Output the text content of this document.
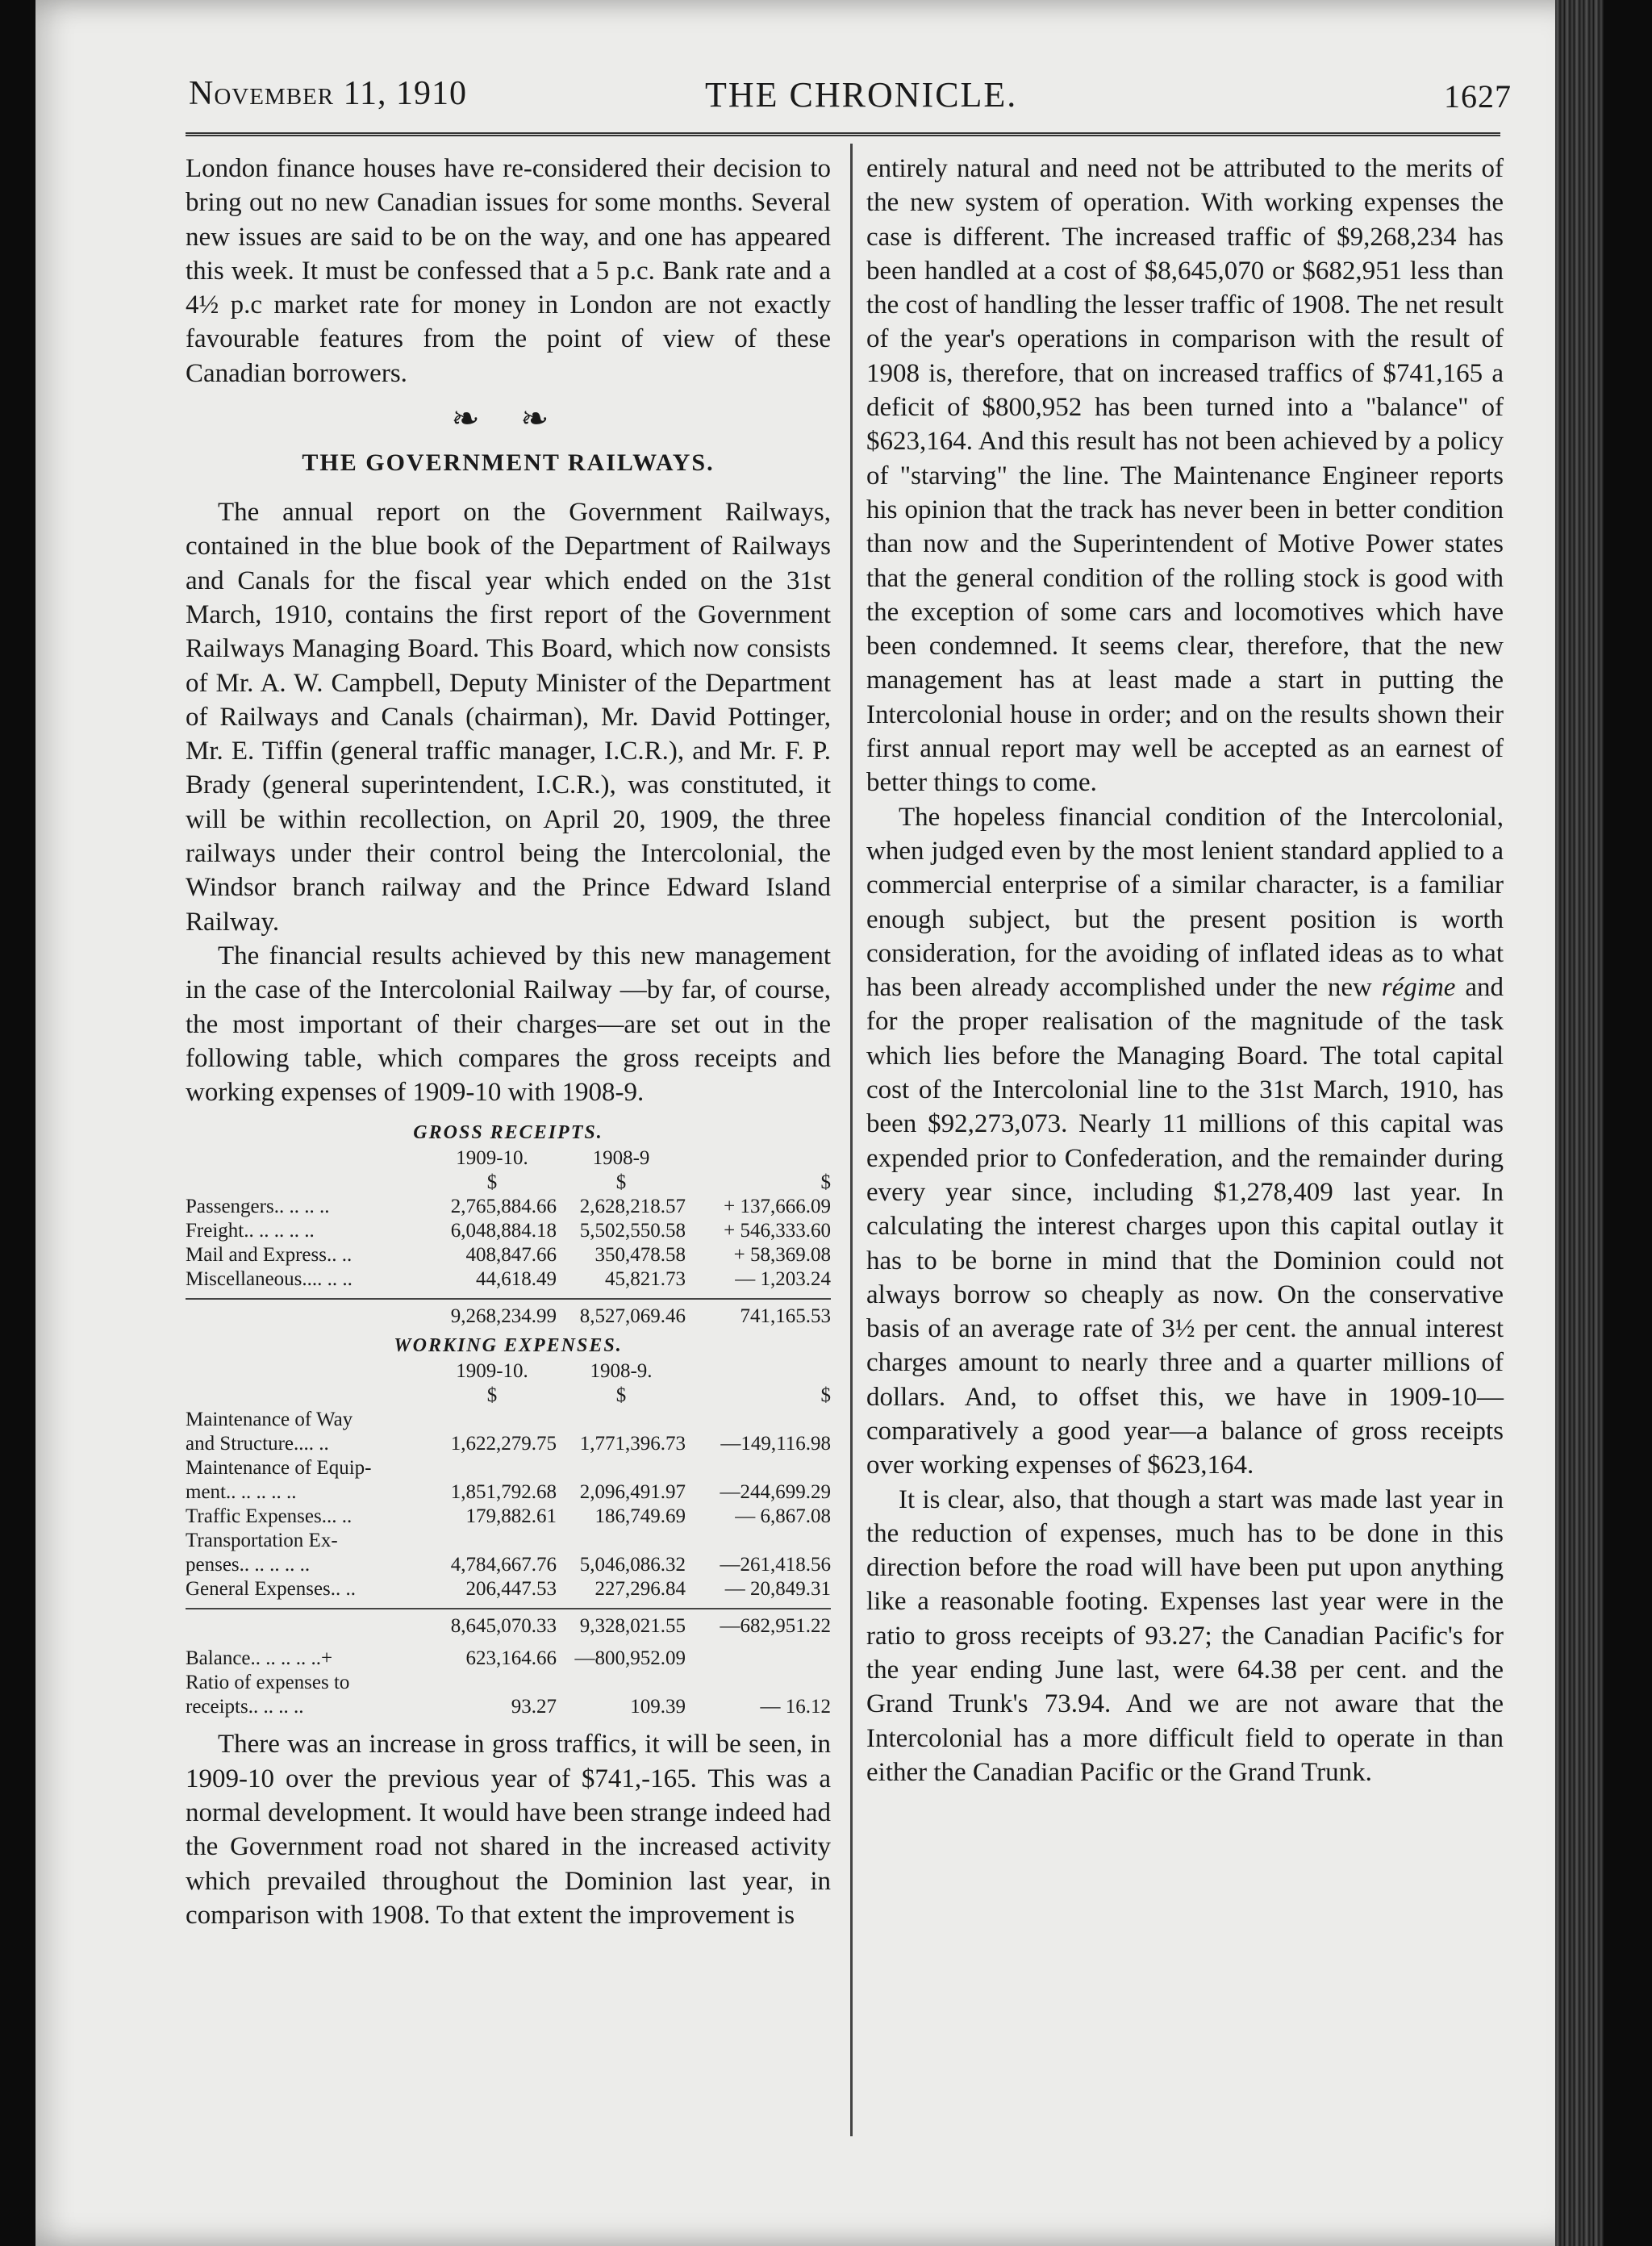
November 11, 1910	THE CHRONICLE.	1627

London finance houses have re-considered their decision to bring out no new Canadian issues for some months. Several new issues are said to be on the way, and one has appeared this week. It must be confessed that a 5 p.c. Bank rate and a 4½ p.c market rate for money in London are not exactly favourable features from the point of view of these Canadian borrowers.

❧ ❧
THE GOVERNMENT RAILWAYS.

The annual report on the Government Railways, contained in the blue book of the Department of Railways and Canals for the fiscal year which ended on the 31st March, 1910, contains the first report of the Government Railways Managing Board. This Board, which now consists of Mr. A. W. Campbell, Deputy Minister of the Department of Railways and Canals (chairman), Mr. David Pottinger, Mr. E. Tiffin (general traffic manager, I.C.R.), and Mr. F. P. Brady (general superintendent, I.C.R.), was constituted, it will be within recollection, on April 20, 1909, the three railways under their control being the Intercolonial, the Windsor branch railway and the Prince Edward Island Railway.

The financial results achieved by this new management in the case of the Intercolonial Railway —by far, of course, the most important of their charges—are set out in the following table, which compares the gross receipts and working expenses of 1909-10 with 1908-9.

GROSS RECEIPTS.
1909-10.	1908-9
$	$	$
Passengers.. .. .. ..	2,765,884.66	2,628,218.57	+ 137,666.09
Freight.. .. .. .. ..	6,048,884.18	5,502,550.58	+ 546,333.60
Mail and Express.. ..	408,847.66	350,478.58	+ 58,369.08
Miscellaneous.... .. ..	44,618.49	45,821.73	— 1,203.24
9,268,234.99	8,527,069.46	741,165.53
WORKING EXPENSES.
1909-10.	1908-9.
$	$	$
Maintenance of Way
and Structure.... ..	1,622,279.75	1,771,396.73	—149,116.98
Maintenance of Equip-
ment.. .. .. .. ..	1,851,792.68	2,096,491.97	—244,699.29
Traffic Expenses... ..	179,882.61	186,749.69	— 6,867.08
Transportation Ex-
penses.. .. .. .. ..	4,784,667.76	5,046,086.32	—261,418.56
General Expenses.. ..	206,447.53	227,296.84	— 20,849.31
8,645,070.33	9,328,021.55	—682,951.22
Balance.. .. .. .. ..+	623,164.66 —800,952.09
Ratio of expenses to
receipts.. .. .. ..	93.27	109.39	— 16.12

There was an increase in gross traffics, it will be seen, in 1909-10 over the previous year of $741,-165. This was a normal development. It would have been strange indeed had the Government road not shared in the increased activity which prevailed throughout the Dominion last year, in comparison with 1908. To that extent the improvement is

entirely natural and need not be attributed to the merits of the new system of operation. With working expenses the case is different. The increased traffic of $9,268,234 has been handled at a cost of $8,645,070 or $682,951 less than the cost of handling the lesser traffic of 1908. The net result of the year's operations in comparison with the result of 1908 is, therefore, that on increased traffics of $741,165 a deficit of $800,952 has been turned into a "balance" of $623,164. And this result has not been achieved by a policy of "starving" the line. The Maintenance Engineer reports his opinion that the track has never been in better condition than now and the Superintendent of Motive Power states that the general condition of the rolling stock is good with the exception of some cars and locomotives which have been condemned. It seems clear, therefore, that the new management has at least made a start in putting the Intercolonial house in order; and on the results shown their first annual report may well be accepted as an earnest of better things to come.

The hopeless financial condition of the Intercolonial, when judged even by the most lenient standard applied to a commercial enterprise of a similar character, is a familiar enough subject, but the present position is worth consideration, for the avoiding of inflated ideas as to what has been already accomplished under the new régime and for the proper realisation of the magnitude of the task which lies before the Managing Board. The total capital cost of the Intercolonial line to the 31st March, 1910, has been $92,273,073. Nearly 11 millions of this capital was expended prior to Confederation, and the remainder during every year since, including $1,278,409 last year. In calculating the interest charges upon this capital outlay it has to be borne in mind that the Dominion could not always borrow so cheaply as now. On the conservative basis of an average rate of 3½ per cent. the annual interest charges amount to nearly three and a quarter millions of dollars. And, to offset this, we have in 1909-10—comparatively a good year—a balance of gross receipts over working expenses of $623,164.

It is clear, also, that though a start was made last year in the reduction of expenses, much has to be done in this direction before the road will have been put upon anything like a reasonable footing. Expenses last year were in the ratio to gross receipts of 93.27; the Canadian Pacific's for the year ending June last, were 64.38 per cent. and the Grand Trunk's 73.94. And we are not aware that the Intercolonial has a more difficult field to operate in than either the Canadian Pacific or the Grand Trunk.
